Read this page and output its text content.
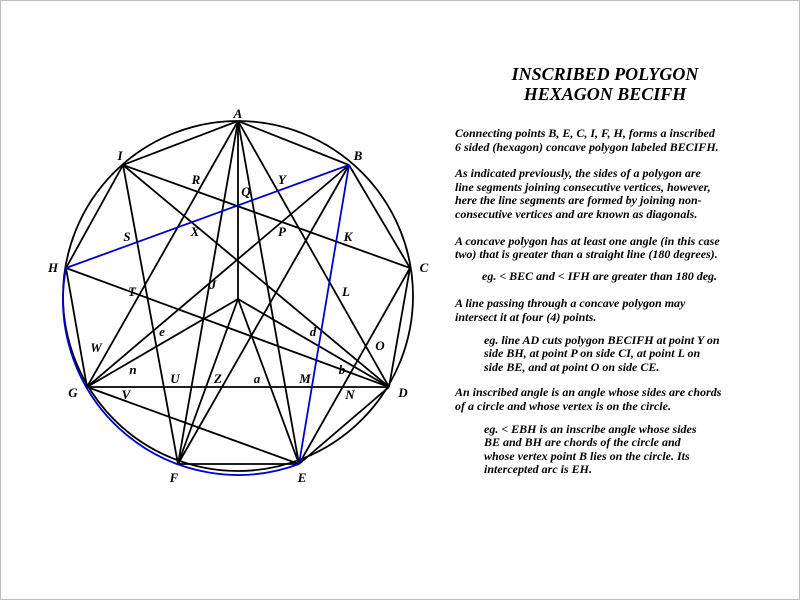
A
B
C
D
E
F
G
H
I
J
Q
R	Y
X	P
S	K
T	L
e	d
W	O
n	b
U	Z a	M
V	N
INSCRIBED POLYGON
HEXAGON BECIFH
Connecting points B, E, C, I, F, H, forms a inscribed
6 sided (hexagon) concave polygon labeled BECIFH.
As indicated previously, the sides of a polygon are
line segments joining consecutive vertices, however,
here the line segments are formed by joining non-
consecutive vertices and are known as diagonals.
A concave polygon has at least one angle (in this case
two) that is greater than a straight line (180 degrees).
eg. < BEC and < IFH are greater than 180 deg.
A line passing through a concave polygon may
intersect it at four (4) points.
eg. line AD cuts polygon BECIFH at point Y on
side BH, at point P on side CI, at point L on
side BE, and at point O on side CE.
An inscribed angle is an angle whose sides are chords
of a circle and whose vertex is on the circle.
eg. < EBH is an inscribe angle whose sides
BE and BH are chords of the circle and
whose vertex point B lies on the circle. Its
intercepted arc is EH.
